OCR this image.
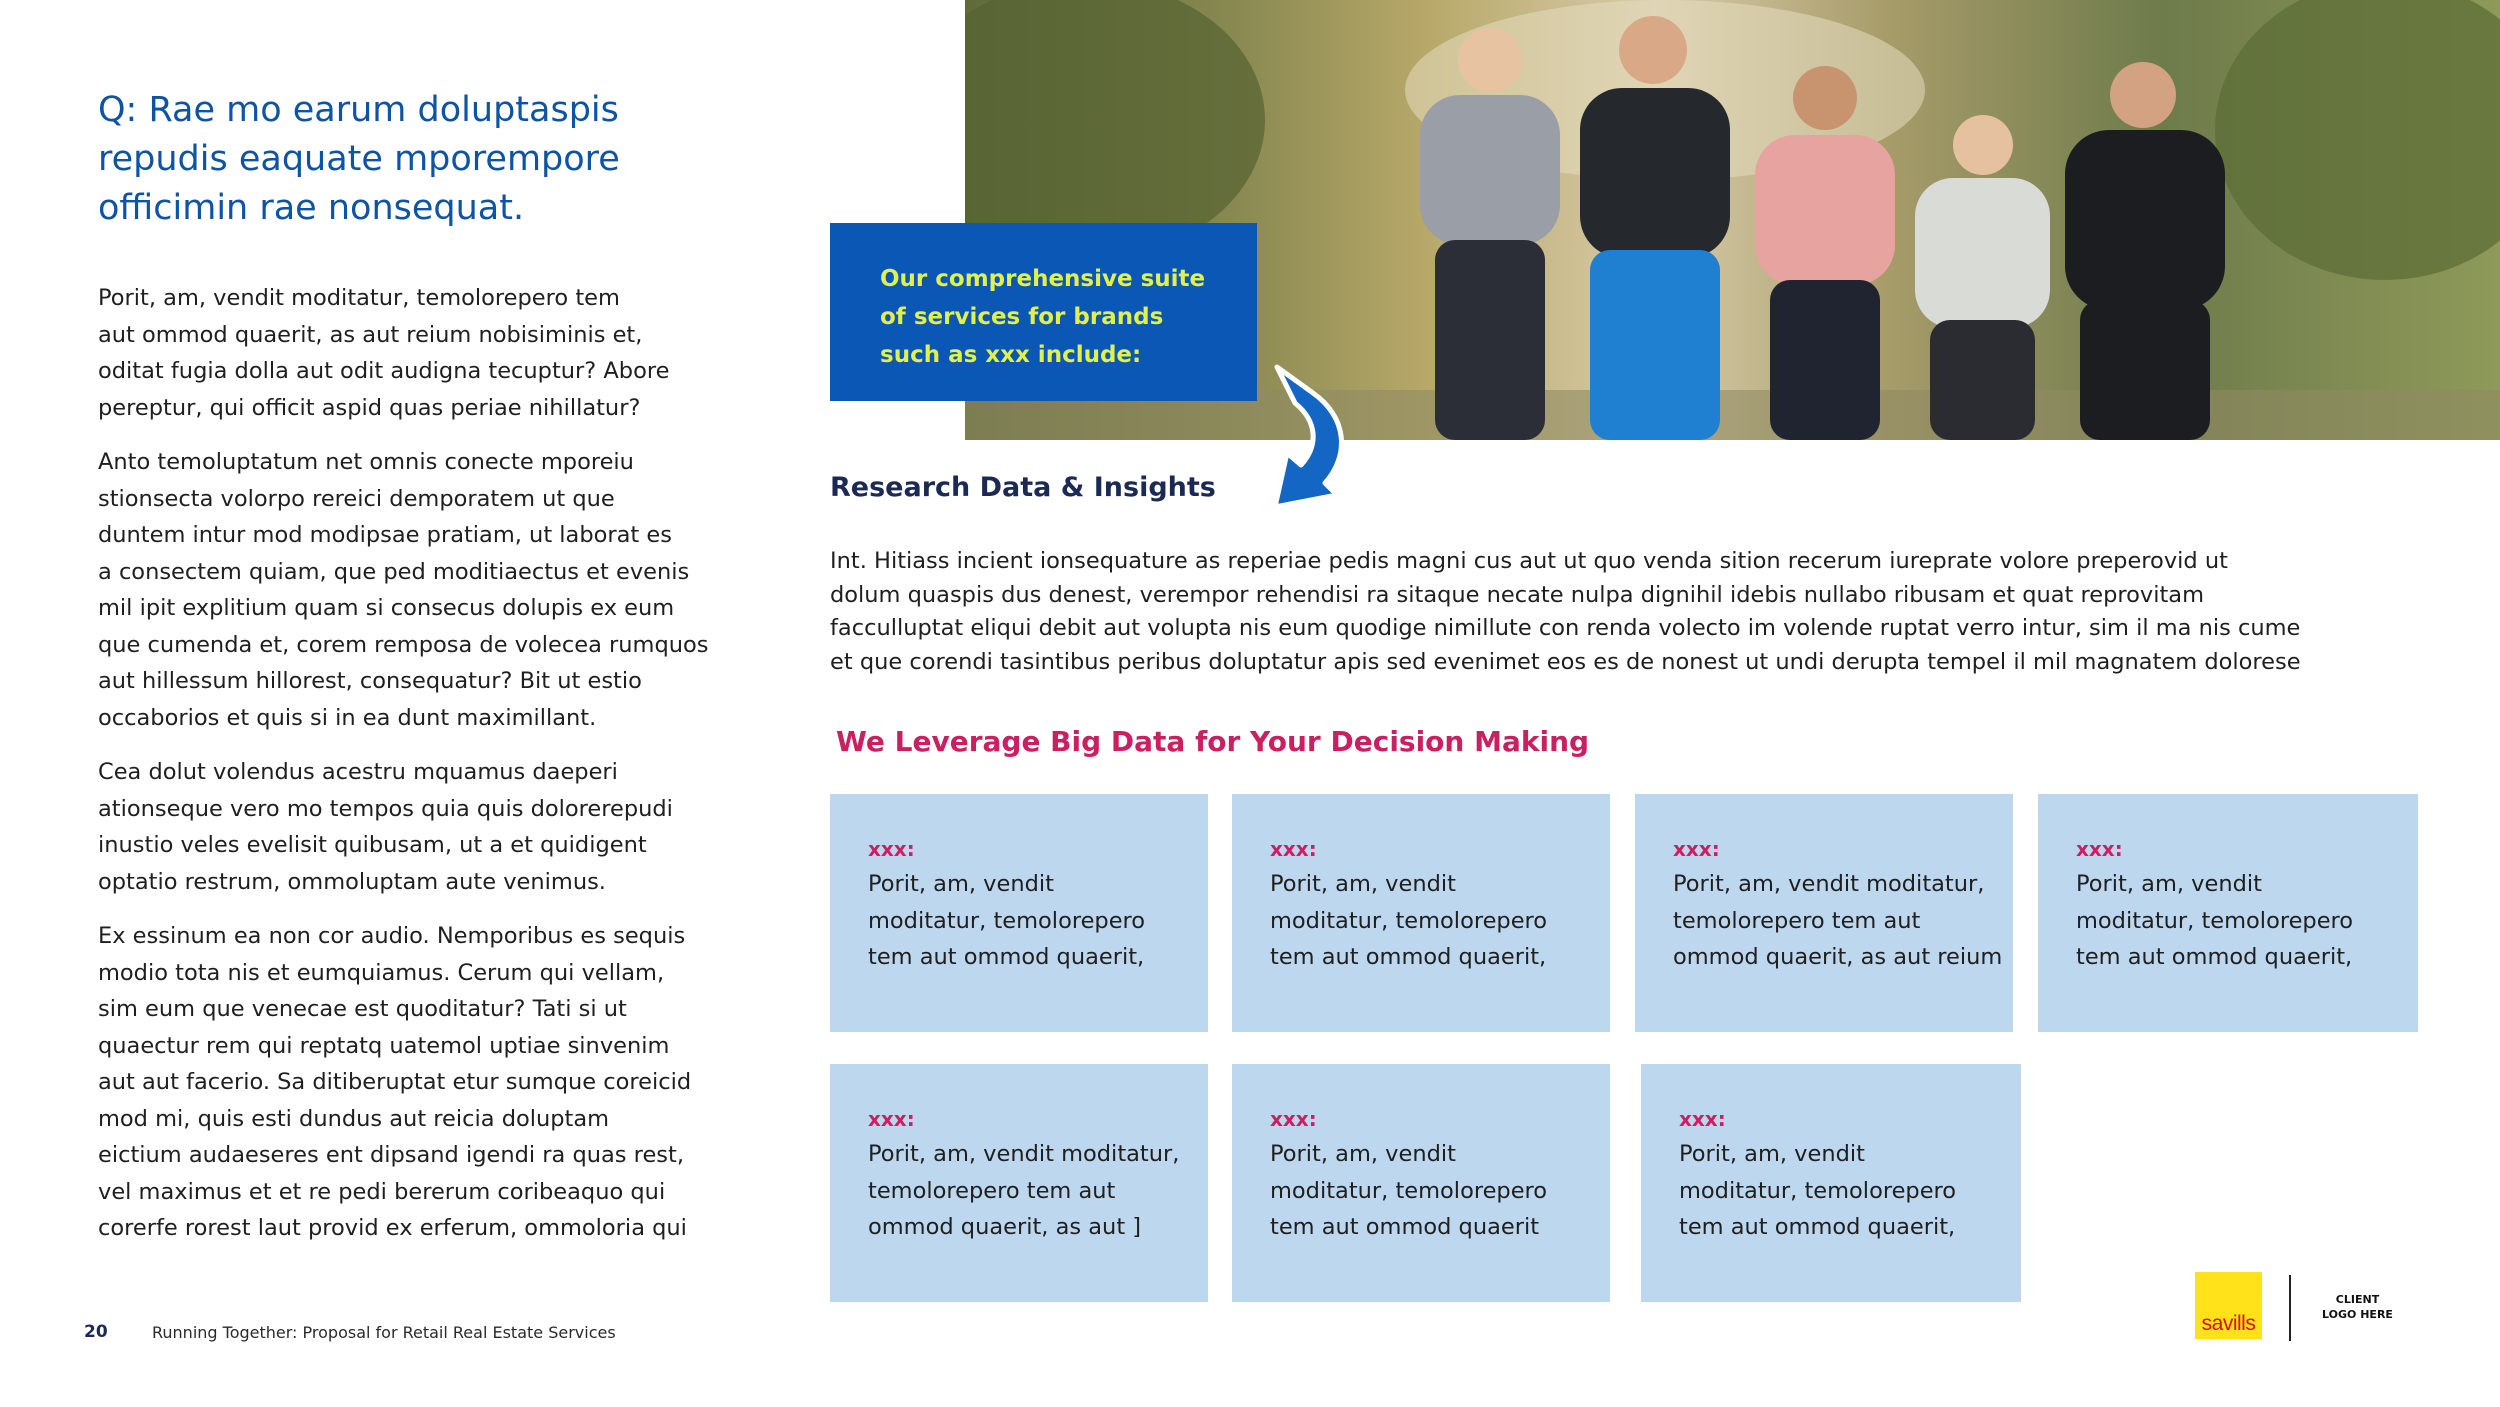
Q: Rae mo earum doluptaspis
repudis eaquate mporempore
officimin rae nonsequat.

Porit, am, vendit moditatur, temolorepero tem
aut ommod quaerit, as aut reium nobisiminis et,
oditat fugia dolla aut odit audigna tecuptur? Abore
pereptur, qui officit aspid quas periae nihillatur?

Anto temoluptatum net omnis conecte mporeiu
stionsecta volorpo rereici demporatem ut que
duntem intur mod modipsae pratiam, ut laborat es
a consectem quiam, que ped moditiaectus et evenis
mil ipit explitium quam si consecus dolupis ex eum
que cumenda et, corem remposa de volecea rumquos
aut hillessum hillorest, consequatur? Bit ut estio
occaborios et quis si in ea dunt maximillant.

Cea dolut volendus acestru mquamus daeperi
ationseque vero mo tempos quia quis dolorerepudi
inustio veles evelisit quibusam, ut a et quidigent
optatio restrum, ommoluptam aute venimus.

Ex essinum ea non cor audio. Nemporibus es sequis
modio tota nis et eumquiamus. Cerum qui vellam,
sim eum que venecae est quoditatur? Tati si ut
quaectur rem qui reptatq uatemol uptiae sinvenim
aut aut facerio. Sa ditiberuptat etur sumque coreicid
mod mi, quis esti dundus aut reicia doluptam
eictium audaeseres ent dipsand igendi ra quas rest,
vel maximus et et re pedi bererum coribeaquo qui
corerfe rorest laut provid ex erferum, ommoloria qui

Our comprehensive suite
of services for brands
such as xxx include:
Research Data & Insights
Int. Hitiass incient ionsequature as reperiae pedis magni cus aut ut quo venda sition recerum iureprate volore preperovid ut
dolum quaspis dus denest, verempor rehendisi ra sitaque necate nulpa dignihil idebis nullabo ribusam et quat reprovitam
facculluptat eliqui debit aut volupta nis eum quodige nimillute con renda volecto im volende ruptat verro intur, sim il ma nis cume
et que corendi tasintibus peribus doluptatur apis sed evenimet eos es de nonest ut undi derupta tempel il mil magnatem dolorese
We Leverage Big Data for Your Decision Making
xxx:
Porit, am, vendit
moditatur, temolorepero
tem aut ommod quaerit,
xxx:
Porit, am, vendit
moditatur, temolorepero
tem aut ommod quaerit,
xxx:
Porit, am, vendit moditatur,
temolorepero tem aut
ommod quaerit, as aut reium
xxx:
Porit, am, vendit
moditatur, temolorepero
tem aut ommod quaerit,
xxx:
Porit, am, vendit moditatur,
temolorepero tem aut
ommod quaerit, as aut ]
xxx:
Porit, am, vendit
moditatur, temolorepero
tem aut ommod quaerit
xxx:
Porit, am, vendit
moditatur, temolorepero
tem aut ommod quaerit,
20	Running Together: Proposal for Retail Real Estate Services	savills
CLIENT
LOGO HERE
